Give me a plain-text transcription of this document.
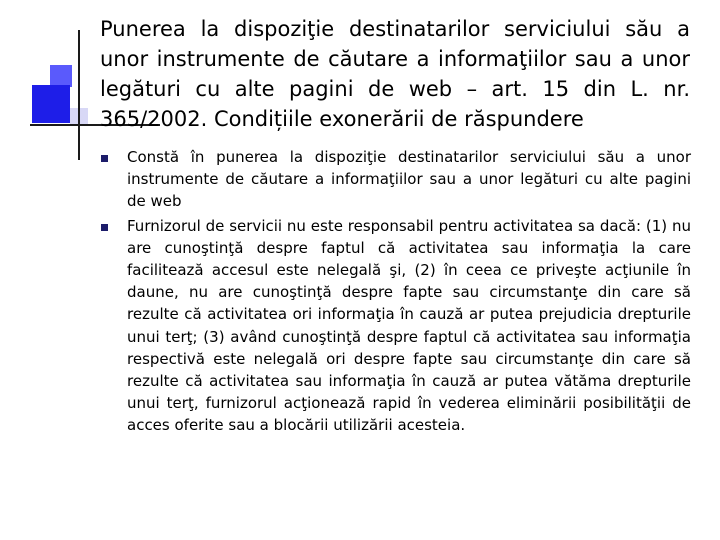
Punerea la dispoziţie destinatarilor serviciului său a unor instrumente de căutare a informaţiilor sau a unor legături cu alte pagini de web – art. 15 din L. nr. 365/2002. Condițiile exonerării de răspundere
Constă în punerea la dispoziţie destinatarilor serviciului său a unor instrumente de căutare a informaţiilor sau a unor legături cu alte pagini de web
Furnizorul de servicii nu este responsabil pentru activitatea sa dacă: (1) nu are cunoştinţă despre faptul că activitatea sau informaţia la care facilitează accesul este nelegală şi, (2) în ceea ce priveşte acţiunile în daune, nu are cunoştinţă despre fapte sau circumstanţe din care să rezulte că activitatea ori informaţia în cauză ar putea prejudicia drepturile unui terţ; (3) având cunoştinţă despre faptul că activitatea sau informaţia respectivă este nelegală ori despre fapte sau circumstanţe din care să rezulte că activitatea sau informaţia în cauză ar putea vătăma drepturile unui terţ, furnizorul acţionează rapid în vederea eliminării posibilităţii de acces oferite sau a blocării utilizării acesteia.
